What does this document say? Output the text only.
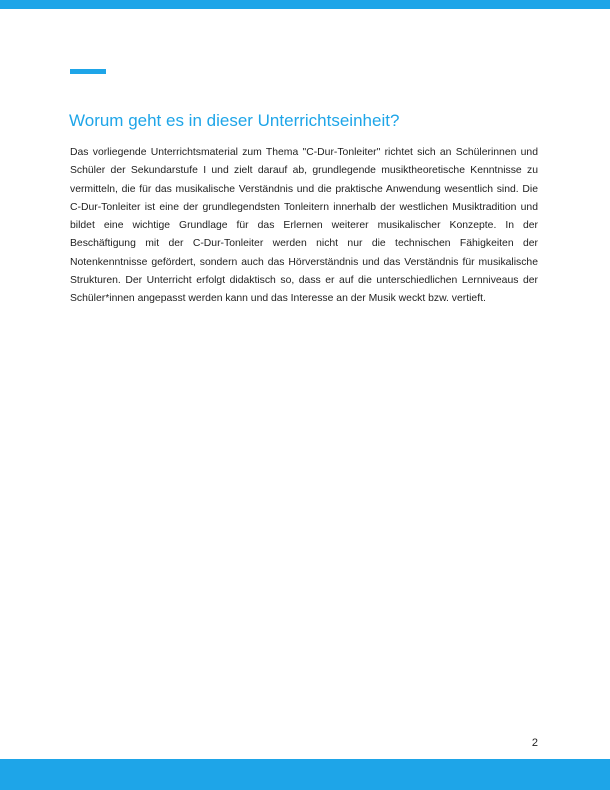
Worum geht es in dieser Unterrichtseinheit?

Das vorliegende Unterrichtsmaterial zum Thema "C-Dur-Tonleiter" richtet sich an Schülerinnen und Schüler der Sekundarstufe I und zielt darauf ab, grundlegende musiktheoretische Kenntnisse zu vermitteln, die für das musikalische Verständnis und die praktische Anwendung wesentlich sind. Die C-Dur-Tonleiter ist eine der grundlegendsten Tonleitern innerhalb der westlichen Musiktradition und bildet eine wichtige Grundlage für das Erlernen weiterer musikalischer Konzepte. In der Beschäftigung mit der C-Dur-Tonleiter werden nicht nur die technischen Fähigkeiten der Notenkenntnisse gefördert, sondern auch das Hörverständnis und das Verständnis für musikalische Strukturen. Der Unterricht erfolgt didaktisch so, dass er auf die unterschiedlichen Lernniveaus der Schüler*innen angepasst werden kann und das Interesse an der Musik weckt bzw. vertieft.

2
